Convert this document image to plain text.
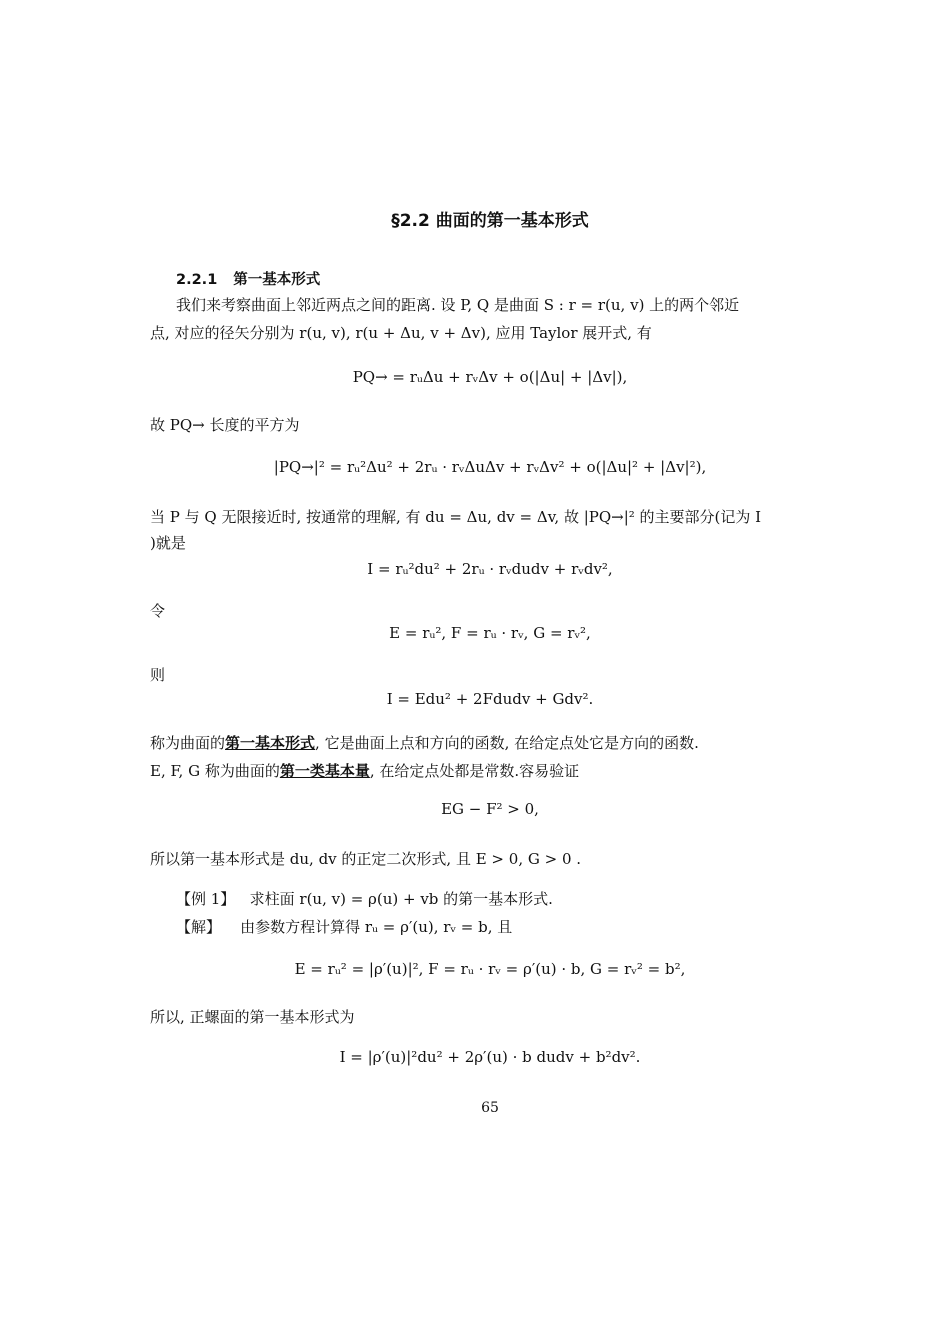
§2.2 曲面的第一基本形式
2.2.1 第一基本形式
我们来考察曲面上邻近两点之间的距离. 设 P, Q 是曲面 S : r = r(u, v) 上的两个邻近
点, 对应的径矢分别为 r(u, v), r(u + Δu, v + Δv), 应用 Taylor 展开式, 有
PQ→ = rᵤΔu + rᵥΔv + o(|Δu| + |Δv|),
故 PQ→ 长度的平方为
|PQ→|² = rᵤ²Δu² + 2rᵤ · rᵥΔuΔv + rᵥΔv² + o(|Δu|² + |Δv|²),
当 P 与 Q 无限接近时, 按通常的理解, 有 du = Δu, dv = Δv, 故 |PQ→|² 的主要部分(记为 I
)就是
I = rᵤ²du² + 2rᵤ · rᵥdudv + rᵥdv²,
令
E = rᵤ², F = rᵤ · rᵥ, G = rᵥ²,
则
I = Edu² + 2Fdudv + Gdv².
称为曲面的第一基本形式, 它是曲面上点和方向的函数, 在给定点处它是方向的函数.
E, F, G 称为曲面的第一类基本量, 在给定点处都是常数.容易验证
EG − F² > 0,
所以第一基本形式是 du, dv 的正定二次形式, 且 E > 0, G > 0 .
【例 1】 求柱面 r(u, v) = ρ(u) + vb 的第一基本形式.
【解】 由参数方程计算得 rᵤ = ρ′(u), rᵥ = b, 且
E = rᵤ² = |ρ′(u)|², F = rᵤ · rᵥ = ρ′(u) · b, G = rᵥ² = b²,
所以, 正螺面的第一基本形式为
I = |ρ′(u)|²du² + 2ρ′(u) · b dudv + b²dv².
65
